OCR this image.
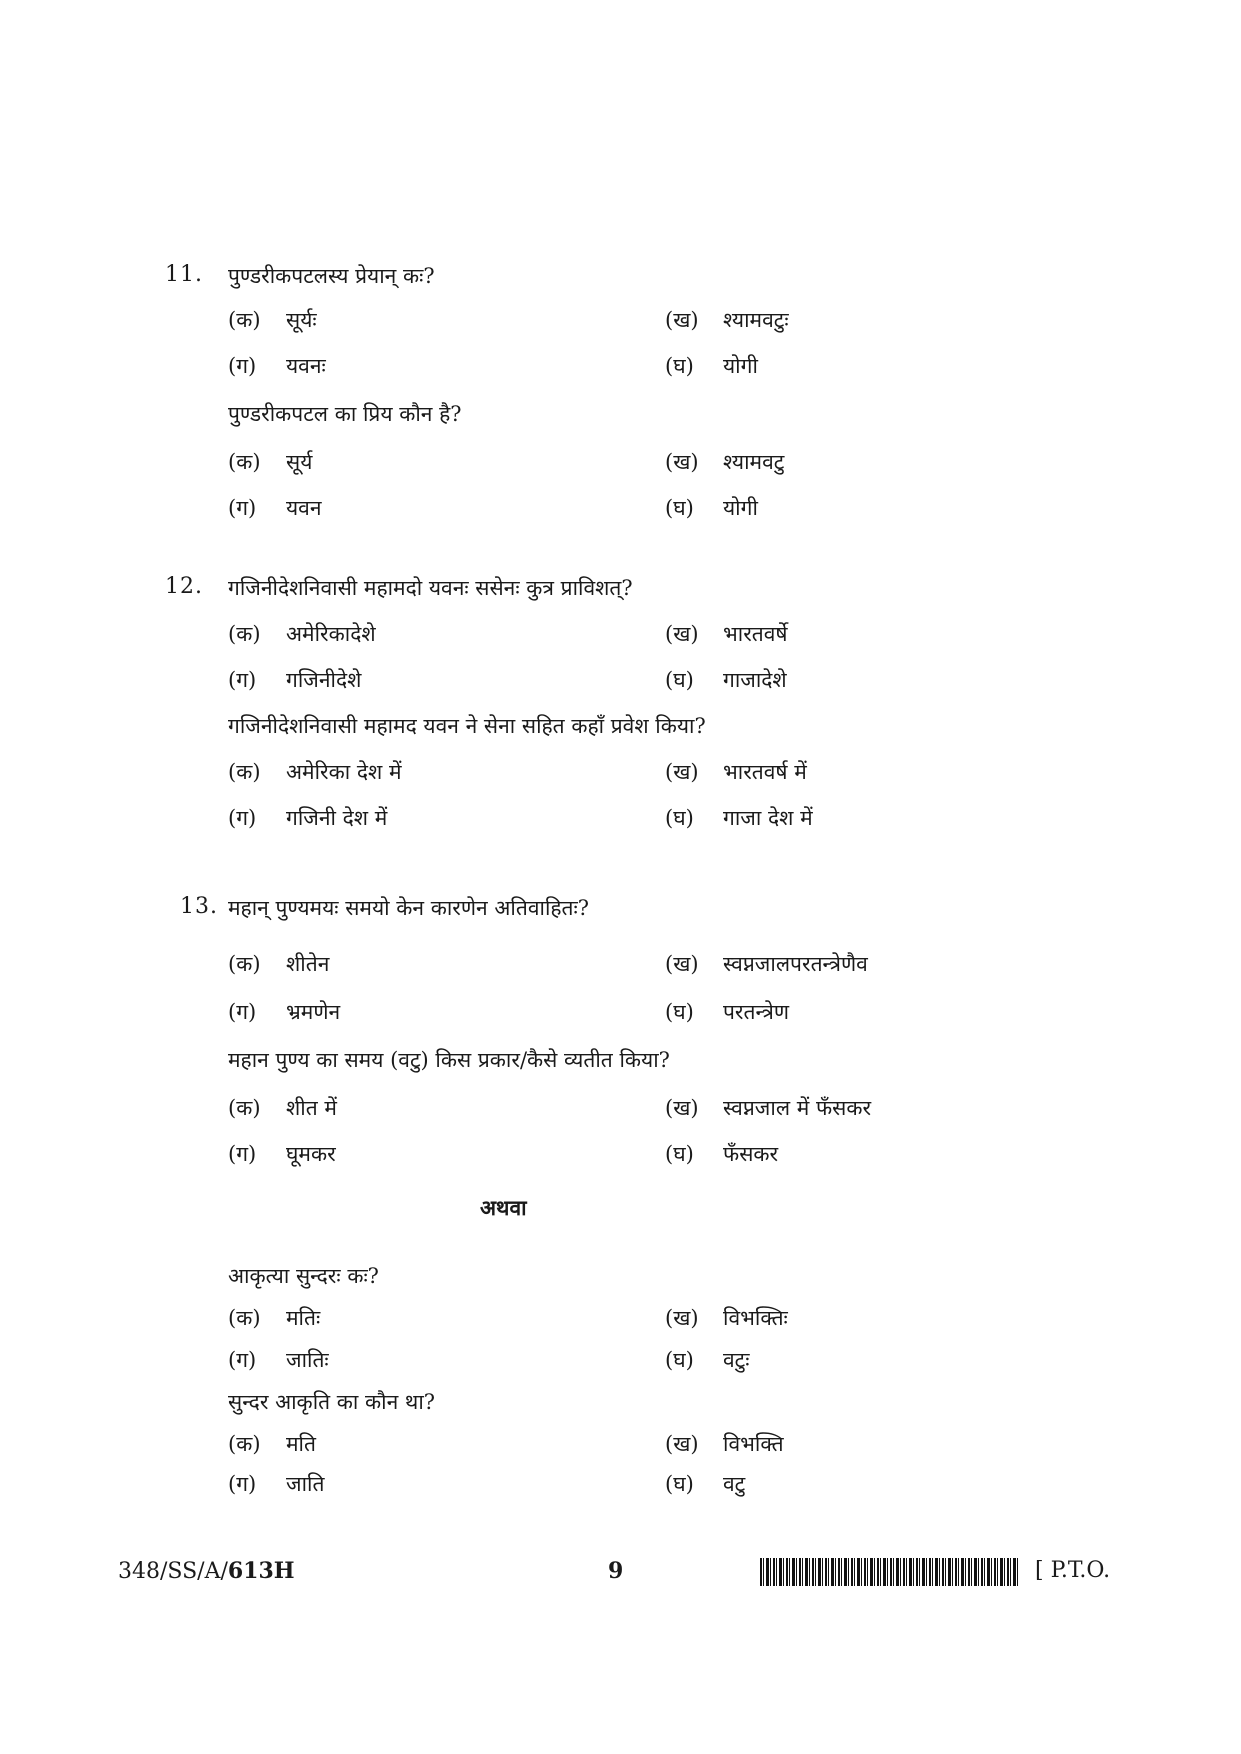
11. पुण्डरीकपटलस्य प्रेयान् कः?
(क) सूर्यः	(ख) श्यामवटुः
(ग) यवनः	(घ) योगी
पुण्डरीकपटल का प्रिय कौन है?
(क) सूर्य	(ख) श्यामवटु
(ग) यवन	(घ) योगी
12. गजिनीदेशनिवासी महामदो यवनः ससेनः कुत्र प्राविशत्?
(क) अमेरिकादेशे	(ख) भारतवर्षे
(ग) गजिनीदेशे	(घ) गाजादेशे
गजिनीदेशनिवासी महामद यवन ने सेना सहित कहाँ प्रवेश किया?
(क) अमेरिका देश में	(ख) भारतवर्ष में
(ग) गजिनी देश में	(घ) गाजा देश में
13. महान् पुण्यमयः समयो केन कारणेन अतिवाहितः?
(क) शीतेन	(ख) स्वप्नजालपरतन्त्रेणैव
(ग) भ्रमणेन	(घ) परतन्त्रेण
महान पुण्य का समय (वटु) किस प्रकार/कैसे व्यतीत किया?
(क) शीत में	(ख) स्वप्नजाल में फँसकर
(ग) घूमकर	(घ) फँसकर
अथवा
आकृत्या सुन्दरः कः?
(क) मतिः	(ख) विभक्तिः
(ग) जातिः	(घ) वटुः
सुन्दर आकृति का कौन था?
(क) मति	(ख) विभक्ति
(ग) जाति	(घ) वटु
348/SS/A/613H	9	[ P.T.O.
